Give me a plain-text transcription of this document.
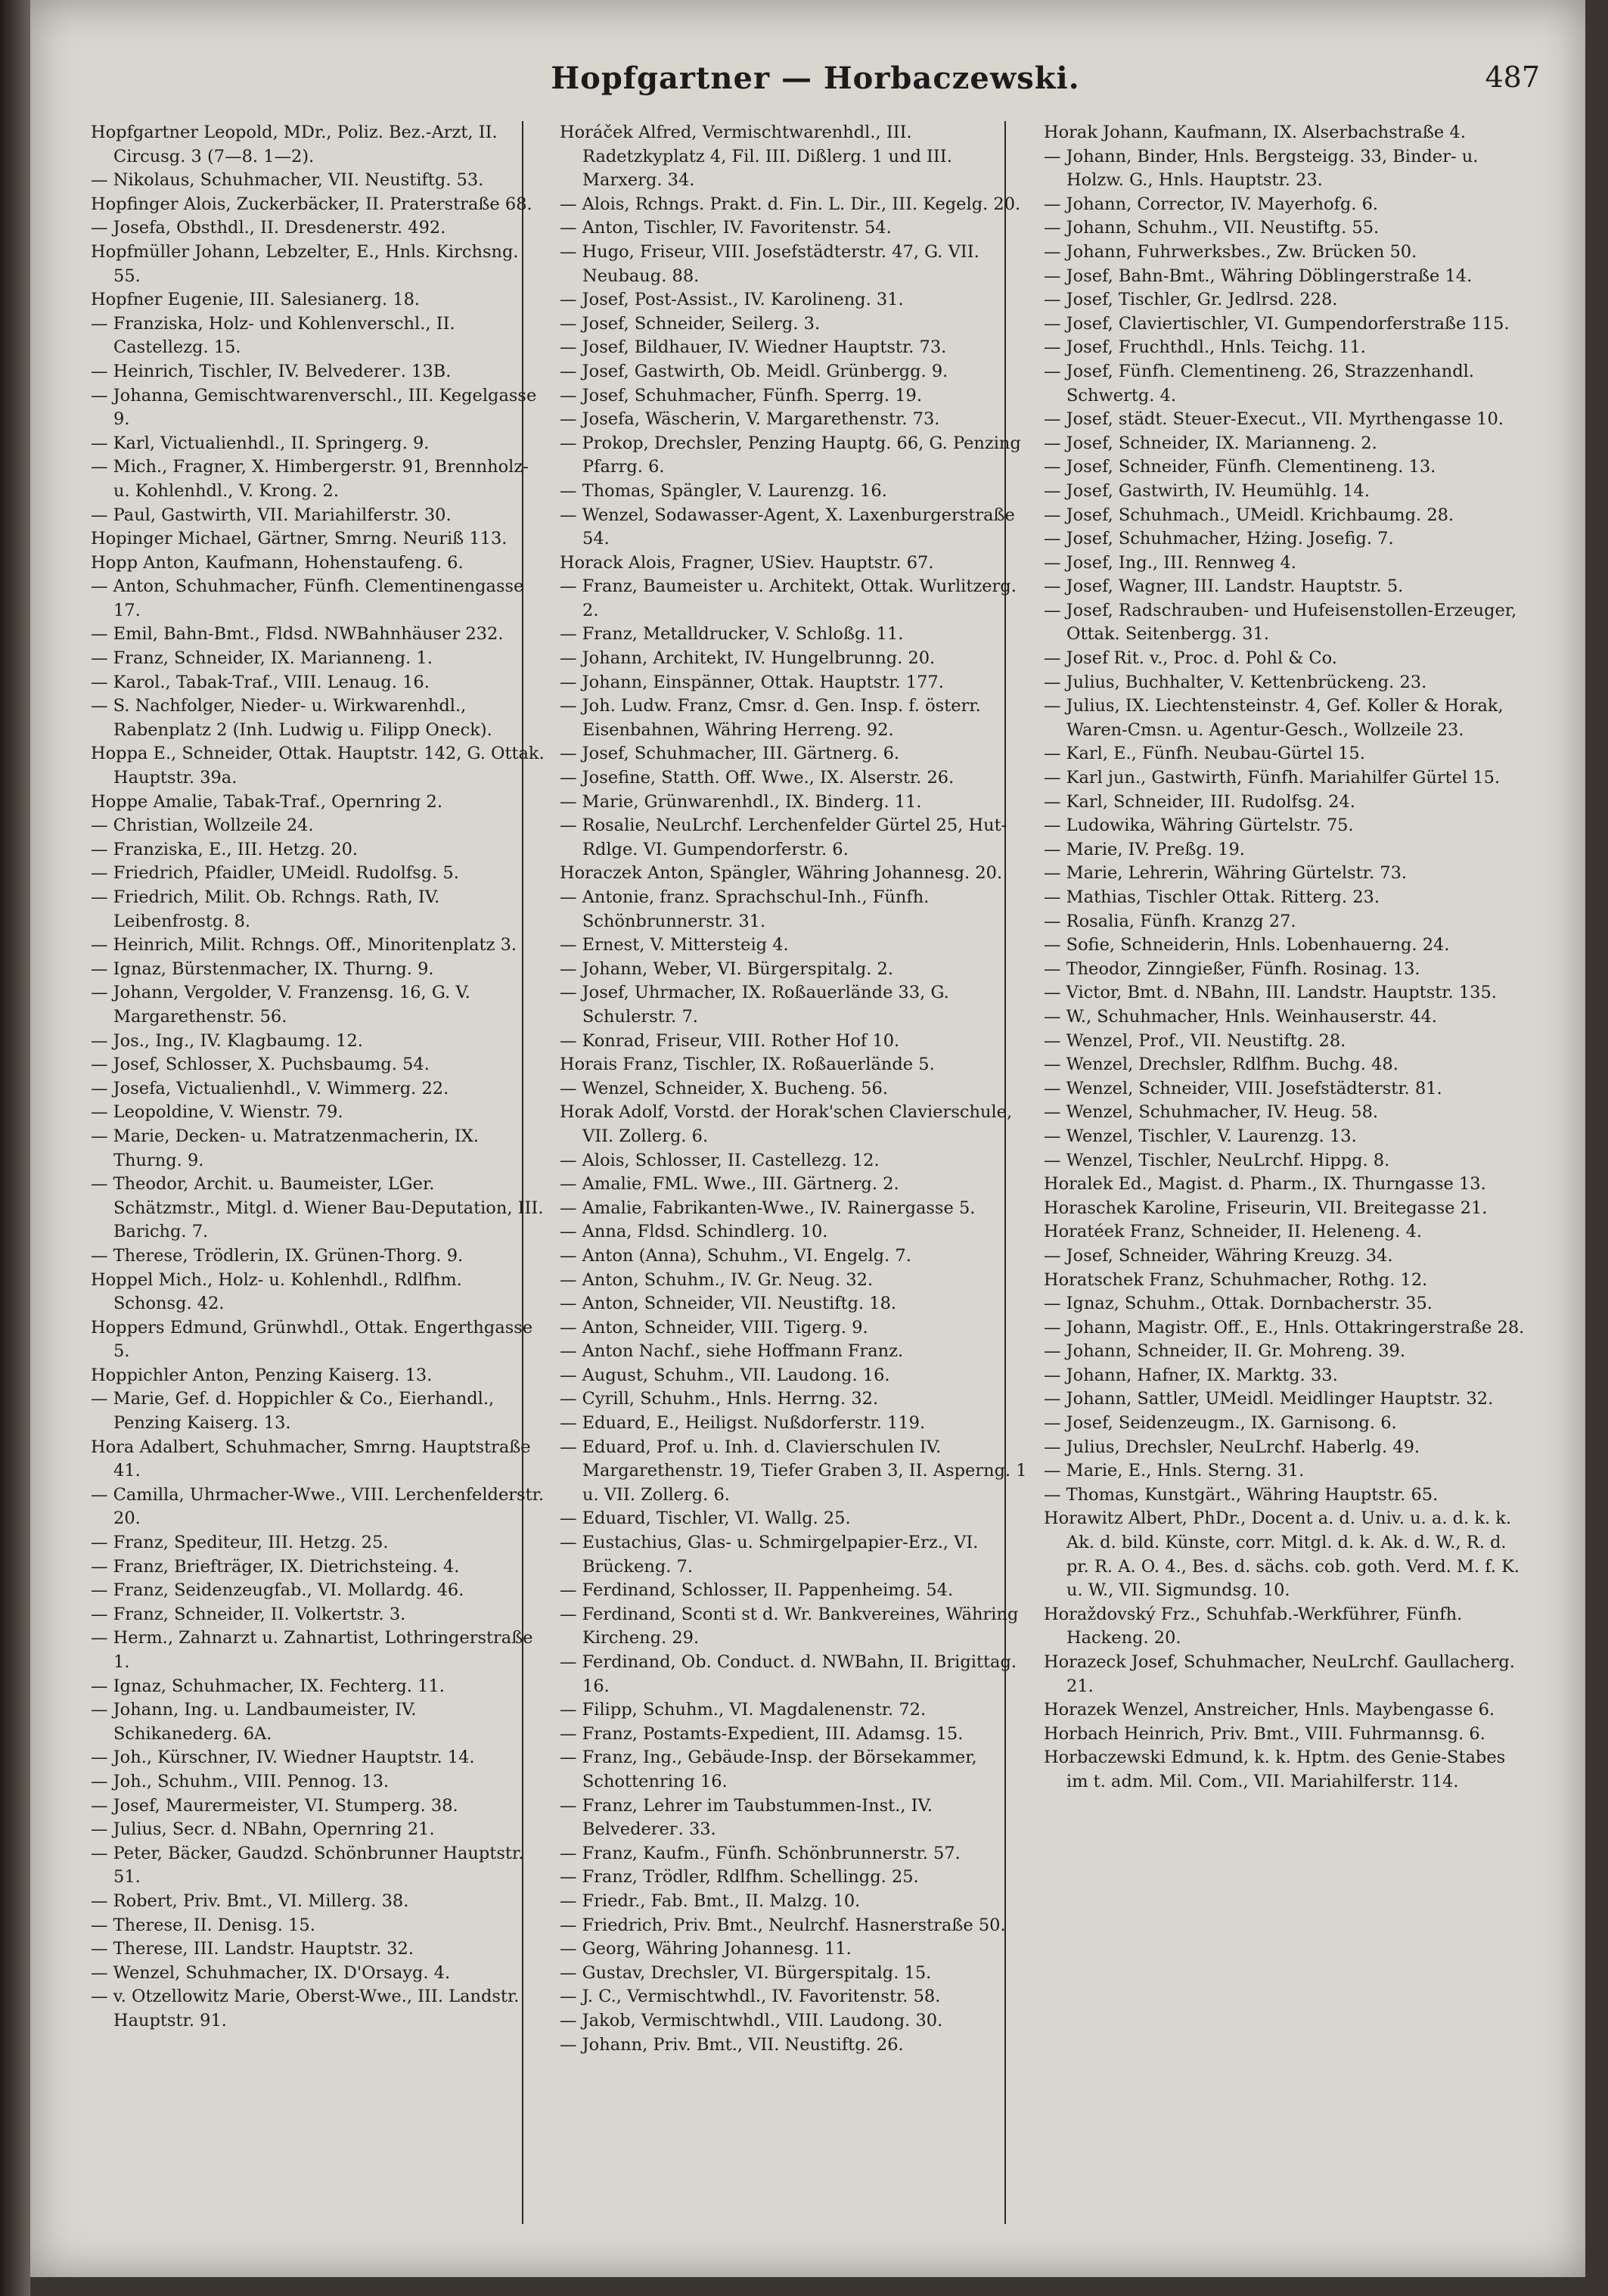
Hopfgartner — Horbaczewski.	487

Hopfgartner Leopold, MDr., Poliz. Bez.-Arzt, II. Circusg. 3 (7—8. 1—2).

— Nikolaus, Schuhmacher, VII. Neustiftg. 53.

Hopfinger Alois, Zuckerbäcker, II. Praterstraße 68.

— Josefa, Obsthdl., II. Dresdenerstr. 492.

Hopfmüller Johann, Lebzelter, E., Hnls. Kirchsng. 55.

Hopfner Eugenie, III. Salesianerg. 18.

— Franziska, Holz- und Kohlenverschl., II. Castellezg. 15.

— Heinrich, Tischler, IV. Belvederег. 13B.

— Johanna, Gemischtwarenverschl., III. Kegelgasse 9.

— Karl, Victualienhdl., II. Springerg. 9.

— Mich., Fragner, X. Himbergerstr. 91, Brennholz- u. Kohlenhdl., V. Krong. 2.

— Paul, Gastwirth, VII. Mariahilferstr. 30.

Hopinger Michael, Gärtner, Smrng. Neuriß 113.

Hopp Anton, Kaufmann, Hohenstaufeng. 6.

— Anton, Schuhmacher, Fünfh. Clementinengasse 17.

— Emil, Bahn-Bmt., Fldsd. NWBahnhäuser 232.

— Franz, Schneider, IX. Marianneng. 1.

— Karol., Tabak-Traf., VIII. Lenaug. 16.

— S. Nachfolger, Nieder- u. Wirkwarenhdl., Rabenplatz 2 (Inh. Ludwig u. Filipp Oneck).

Hoppa E., Schneider, Ottak. Hauptstr. 142, G. Ottak. Hauptstr. 39a.

Hoppe Amalie, Tabak-Traf., Opernring 2.

— Christian, Wollzeile 24.

— Franziska, E., III. Hetzg. 20.

— Friedrich, Pfaidler, UMeidl. Rudolfsg. 5.

— Friedrich, Milit. Ob. Rchngs. Rath, IV. Leibenfrostg. 8.

— Heinrich, Milit. Rchngs. Off., Minoritenplatz 3.

— Ignaz, Bürstenmacher, IX. Thurng. 9.

— Johann, Vergolder, V. Franzensg. 16, G. V. Margarethenstr. 56.

— Jos., Ing., IV. Klagbaumg. 12.

— Josef, Schlosser, X. Puchsbaumg. 54.

— Josefa, Victualienhdl., V. Wimmerg. 22.

— Leopoldine, V. Wienstr. 79.

— Marie, Decken- u. Matratzenmacherin, IX. Thurng. 9.

— Theodor, Archit. u. Baumeister, LGer. Schätzmstr., Mitgl. d. Wiener Bau-Deputation, III. Barichg. 7.

— Therese, Trödlerin, IX. Grünen-Thorg. 9.

Hoppel Mich., Holz- u. Kohlenhdl., Rdlfhm. Schonsg. 42.

Hoppers Edmund, Grünwhdl., Ottak. Engerthgasse 5.

Hoppichler Anton, Penzing Kaiserg. 13.

— Marie, Gef. d. Hoppichler & Co., Eierhandl., Penzing Kaiserg. 13.

Hora Adalbert, Schuhmacher, Smrng. Hauptstraße 41.

— Camilla, Uhrmacher-Wwe., VIII. Lerchenfelderstr. 20.

— Franz, Spediteur, III. Hetzg. 25.

— Franz, Briefträger, IX. Dietrichsteing. 4.

— Franz, Seidenzeugfab., VI. Mollardg. 46.

— Franz, Schneider, II. Volkertstr. 3.

— Herm., Zahnarzt u. Zahnartist, Lothringerstraße 1.

— Ignaz, Schuhmacher, IX. Fechterg. 11.

— Johann, Ing. u. Landbaumeister, IV. Schikanederg. 6A.

— Joh., Kürschner, IV. Wiedner Hauptstr. 14.

— Joh., Schuhm., VIII. Pennog. 13.

— Josef, Maurermeister, VI. Stumperg. 38.

— Julius, Secr. d. NBahn, Opernring 21.

— Peter, Bäcker, Gaudzd. Schönbrunner Hauptstr. 51.

— Robert, Priv. Bmt., VI. Millerg. 38.

— Therese, II. Denisg. 15.

— Therese, III. Landstr. Hauptstr. 32.

— Wenzel, Schuhmacher, IX. D'Orsayg. 4.

— v. Otzellowitz Marie, Oberst-Wwe., III. Landstr. Hauptstr. 91.

Horáček Alfred, Vermischtwarenhdl., III. Radetzkyplatz 4, Fil. III. Dißlerg. 1 und III. Marxerg. 34.

— Alois, Rchngs. Prakt. d. Fin. L. Dir., III. Kegelg. 20.

— Anton, Tischler, IV. Favoritenstr. 54.

— Hugo, Friseur, VIII. Josefstädterstr. 47, G. VII. Neubaug. 88.

— Josef, Post-Assist., IV. Karolineng. 31.

— Josef, Schneider, Seilerg. 3.

— Josef, Bildhauer, IV. Wiedner Hauptstr. 73.

— Josef, Gastwirth, Ob. Meidl. Grünbergg. 9.

— Josef, Schuhmacher, Fünfh. Sperrg. 19.

— Josefa, Wäscherin, V. Margarethenstr. 73.

— Prokop, Drechsler, Penzing Hauptg. 66, G. Penzing Pfarrg. 6.

— Thomas, Spängler, V. Laurenzg. 16.

— Wenzel, Sodawasser-Agent, X. Laxenburgerstraße 54.

Horack Alois, Fragner, USiev. Hauptstr. 67.

— Franz, Baumeister u. Architekt, Ottak. Wurlitzerg. 2.

— Franz, Metalldrucker, V. Schloßg. 11.

— Johann, Architekt, IV. Hungelbrunng. 20.

— Johann, Einspänner, Ottak. Hauptstr. 177.

— Joh. Ludw. Franz, Cmsr. d. Gen. Insp. f. österr. Eisenbahnen, Währing Herreng. 92.

— Josef, Schuhmacher, III. Gärtnerg. 6.

— Josefine, Statth. Off. Wwe., IX. Alserstr. 26.

— Marie, Grünwarenhdl., IX. Binderg. 11.

— Rosalie, NeuLrchf. Lerchenfelder Gürtel 25, Hut-Rdlge. VI. Gumpendorferstr. 6.

Horaczek Anton, Spängler, Währing Johannesg. 20.

— Antonie, franz. Sprachschul-Inh., Fünfh. Schönbrunnerstr. 31.

— Ernest, V. Mittersteig 4.

— Johann, Weber, VI. Bürgerspitalg. 2.

— Josef, Uhrmacher, IX. Roßauerlände 33, G. Schulerstr. 7.

— Konrad, Friseur, VIII. Rother Hof 10.

Horais Franz, Tischler, IX. Roßauerlände 5.

— Wenzel, Schneider, X. Bucheng. 56.

Horak Adolf, Vorstd. der Horak'schen Clavierschule, VII. Zollerg. 6.

— Alois, Schlosser, II. Castellezg. 12.

— Amalie, FML. Wwe., III. Gärtnerg. 2.

— Amalie, Fabrikanten-Wwe., IV. Rainergasse 5.

— Anna, Fldsd. Schindlerg. 10.

— Anton (Anna), Schuhm., VI. Engelg. 7.

— Anton, Schuhm., IV. Gr. Neug. 32.

— Anton, Schneider, VII. Neustiftg. 18.

— Anton, Schneider, VIII. Tigerg. 9.

— Anton Nachf., siehe Hoffmann Franz.

— August, Schuhm., VII. Laudong. 16.

— Cyrill, Schuhm., Hnls. Herrng. 32.

— Eduard, E., Heiligst. Nußdorferstr. 119.

— Eduard, Prof. u. Inh. d. Clavierschulen IV. Margarethenstr. 19, Tiefer Graben 3, II. Asperng. 1 u. VII. Zollerg. 6.

— Eduard, Tischler, VI. Wallg. 25.

— Eustachius, Glas- u. Schmirgelpapier-Erz., VI. Brückeng. 7.

— Ferdinand, Schlosser, II. Pappenheimg. 54.

— Ferdinand, Sconti st d. Wr. Bankvereines, Währing Kircheng. 29.

— Ferdinand, Ob. Conduct. d. NWBahn, II. Brigittag. 16.

— Filipp, Schuhm., VI. Magdalenenstr. 72.

— Franz, Postamts-Expedient, III. Adamsg. 15.

— Franz, Ing., Gebäude-Insp. der Börsekammer, Schottenring 16.

— Franz, Lehrer im Taubstummen-Inst., IV. Belvederег. 33.

— Franz, Kaufm., Fünfh. Schönbrunnerstr. 57.

— Franz, Trödler, Rdlfhm. Schellingg. 25.

— Friedr., Fab. Bmt., II. Malzg. 10.

— Friedrich, Priv. Bmt., Neulrchf. Hasnerstraße 50.

— Georg, Währing Johannesg. 11.

— Gustav, Drechsler, VI. Bürgerspitalg. 15.

— J. C., Vermischtwhdl., IV. Favoritenstr. 58.

— Jakob, Vermischtwhdl., VIII. Laudong. 30.

— Johann, Priv. Bmt., VII. Neustiftg. 26.

Horak Johann, Kaufmann, IX. Alserbachstraße 4.

— Johann, Binder, Hnls. Bergsteigg. 33, Binder- u. Holzw. G., Hnls. Hauptstr. 23.

— Johann, Corrector, IV. Mayerhofg. 6.

— Johann, Schuhm., VII. Neustiftg. 55.

— Johann, Fuhrwerksbes., Zw. Brücken 50.

— Josef, Bahn-Bmt., Währing Döblingerstraße 14.

— Josef, Tischler, Gr. Jedlrsd. 228.

— Josef, Claviertischler, VI. Gumpendorferstraße 115.

— Josef, Fruchthdl., Hnls. Teichg. 11.

— Josef, Fünfh. Clementineng. 26, Strazzenhandl. Schwertg. 4.

— Josef, städt. Steuer-Execut., VII. Myrthengasse 10.

— Josef, Schneider, IX. Marianneng. 2.

— Josef, Schneider, Fünfh. Clementineng. 13.

— Josef, Gastwirth, IV. Heumühlg. 14.

— Josef, Schuhmach., UMeidl. Krichbaumg. 28.

— Josef, Schuhmacher, Hżing. Josefig. 7.

— Josef, Ing., III. Rennweg 4.

— Josef, Wagner, III. Landstr. Hauptstr. 5.

— Josef, Radschrauben- und Hufeisenstollen-Erzeuger, Ottak. Seitenbergg. 31.

— Josef Rit. v., Proc. d. Pohl & Co.

— Julius, Buchhalter, V. Kettenbrückeng. 23.

— Julius, IX. Liechtensteinstr. 4, Gef. Koller & Horak, Waren-Cmsn. u. Agentur-Gesch., Wollzeile 23.

— Karl, E., Fünfh. Neubau-Gürtel 15.

— Karl jun., Gastwirth, Fünfh. Mariahilfer Gürtel 15.

— Karl, Schneider, III. Rudolfsg. 24.

— Ludowika, Währing Gürtelstr. 75.

— Marie, IV. Preßg. 19.

— Marie, Lehrerin, Währing Gürtelstr. 73.

— Mathias, Tischler Ottak. Ritterg. 23.

— Rosalia, Fünfh. Kranzg 27.

— Sofie, Schneiderin, Hnls. Lobenhauerng. 24.

— Theodor, Zinngießer, Fünfh. Rosinag. 13.

— Victor, Bmt. d. NBahn, III. Landstr. Hauptstr. 135.

— W., Schuhmacher, Hnls. Weinhauserstr. 44.

— Wenzel, Prof., VII. Neustiftg. 28.

— Wenzel, Drechsler, Rdlfhm. Buchg. 48.

— Wenzel, Schneider, VIII. Josefstädterstr. 81.

— Wenzel, Schuhmacher, IV. Heug. 58.

— Wenzel, Tischler, V. Laurenzg. 13.

— Wenzel, Tischler, NeuLrchf. Hippg. 8.

Horalek Ed., Magist. d. Pharm., IX. Thurngasse 13.

Horaschek Karoline, Friseurin, VII. Breitegasse 21.

Horatéek Franz, Schneider, II. Heleneng. 4.

— Josef, Schneider, Währing Kreuzg. 34.

Horatschek Franz, Schuhmacher, Rothg. 12.

— Ignaz, Schuhm., Ottak. Dornbacherstr. 35.

— Johann, Magistr. Off., E., Hnls. Ottakringerstraße 28.

— Johann, Schneider, II. Gr. Mohreng. 39.

— Johann, Hafner, IX. Marktg. 33.

— Johann, Sattler, UMeidl. Meidlinger Hauptstr. 32.

— Josef, Seidenzeugm., IX. Garnisong. 6.

— Julius, Drechsler, NeuLrchf. Haberlg. 49.

— Marie, E., Hnls. Sterng. 31.

— Thomas, Kunstgärt., Währing Hauptstr. 65.

Horawitz Albert, PhDr., Docent a. d. Univ. u. a. d. k. k. Ak. d. bild. Künste, corr. Mitgl. d. k. Ak. d. W., R. d. pr. R. A. O. 4., Bes. d. sächs. cob. goth. Verd. M. f. K. u. W., VII. Sigmundsg. 10.

Horaždovský Frz., Schuhfab.-Werkführer, Fünfh. Hackeng. 20.

Horazeck Josef, Schuhmacher, NeuLrchf. Gaullacherg. 21.

Horazek Wenzel, Anstreicher, Hnls. Maybengasse 6.

Horbach Heinrich, Priv. Bmt., VIII. Fuhrmannsg. 6.

Horbaczewski Edmund, k. k. Hptm. des Genie-Stabes im t. adm. Mil. Com., VII. Mariahilferstr. 114.
